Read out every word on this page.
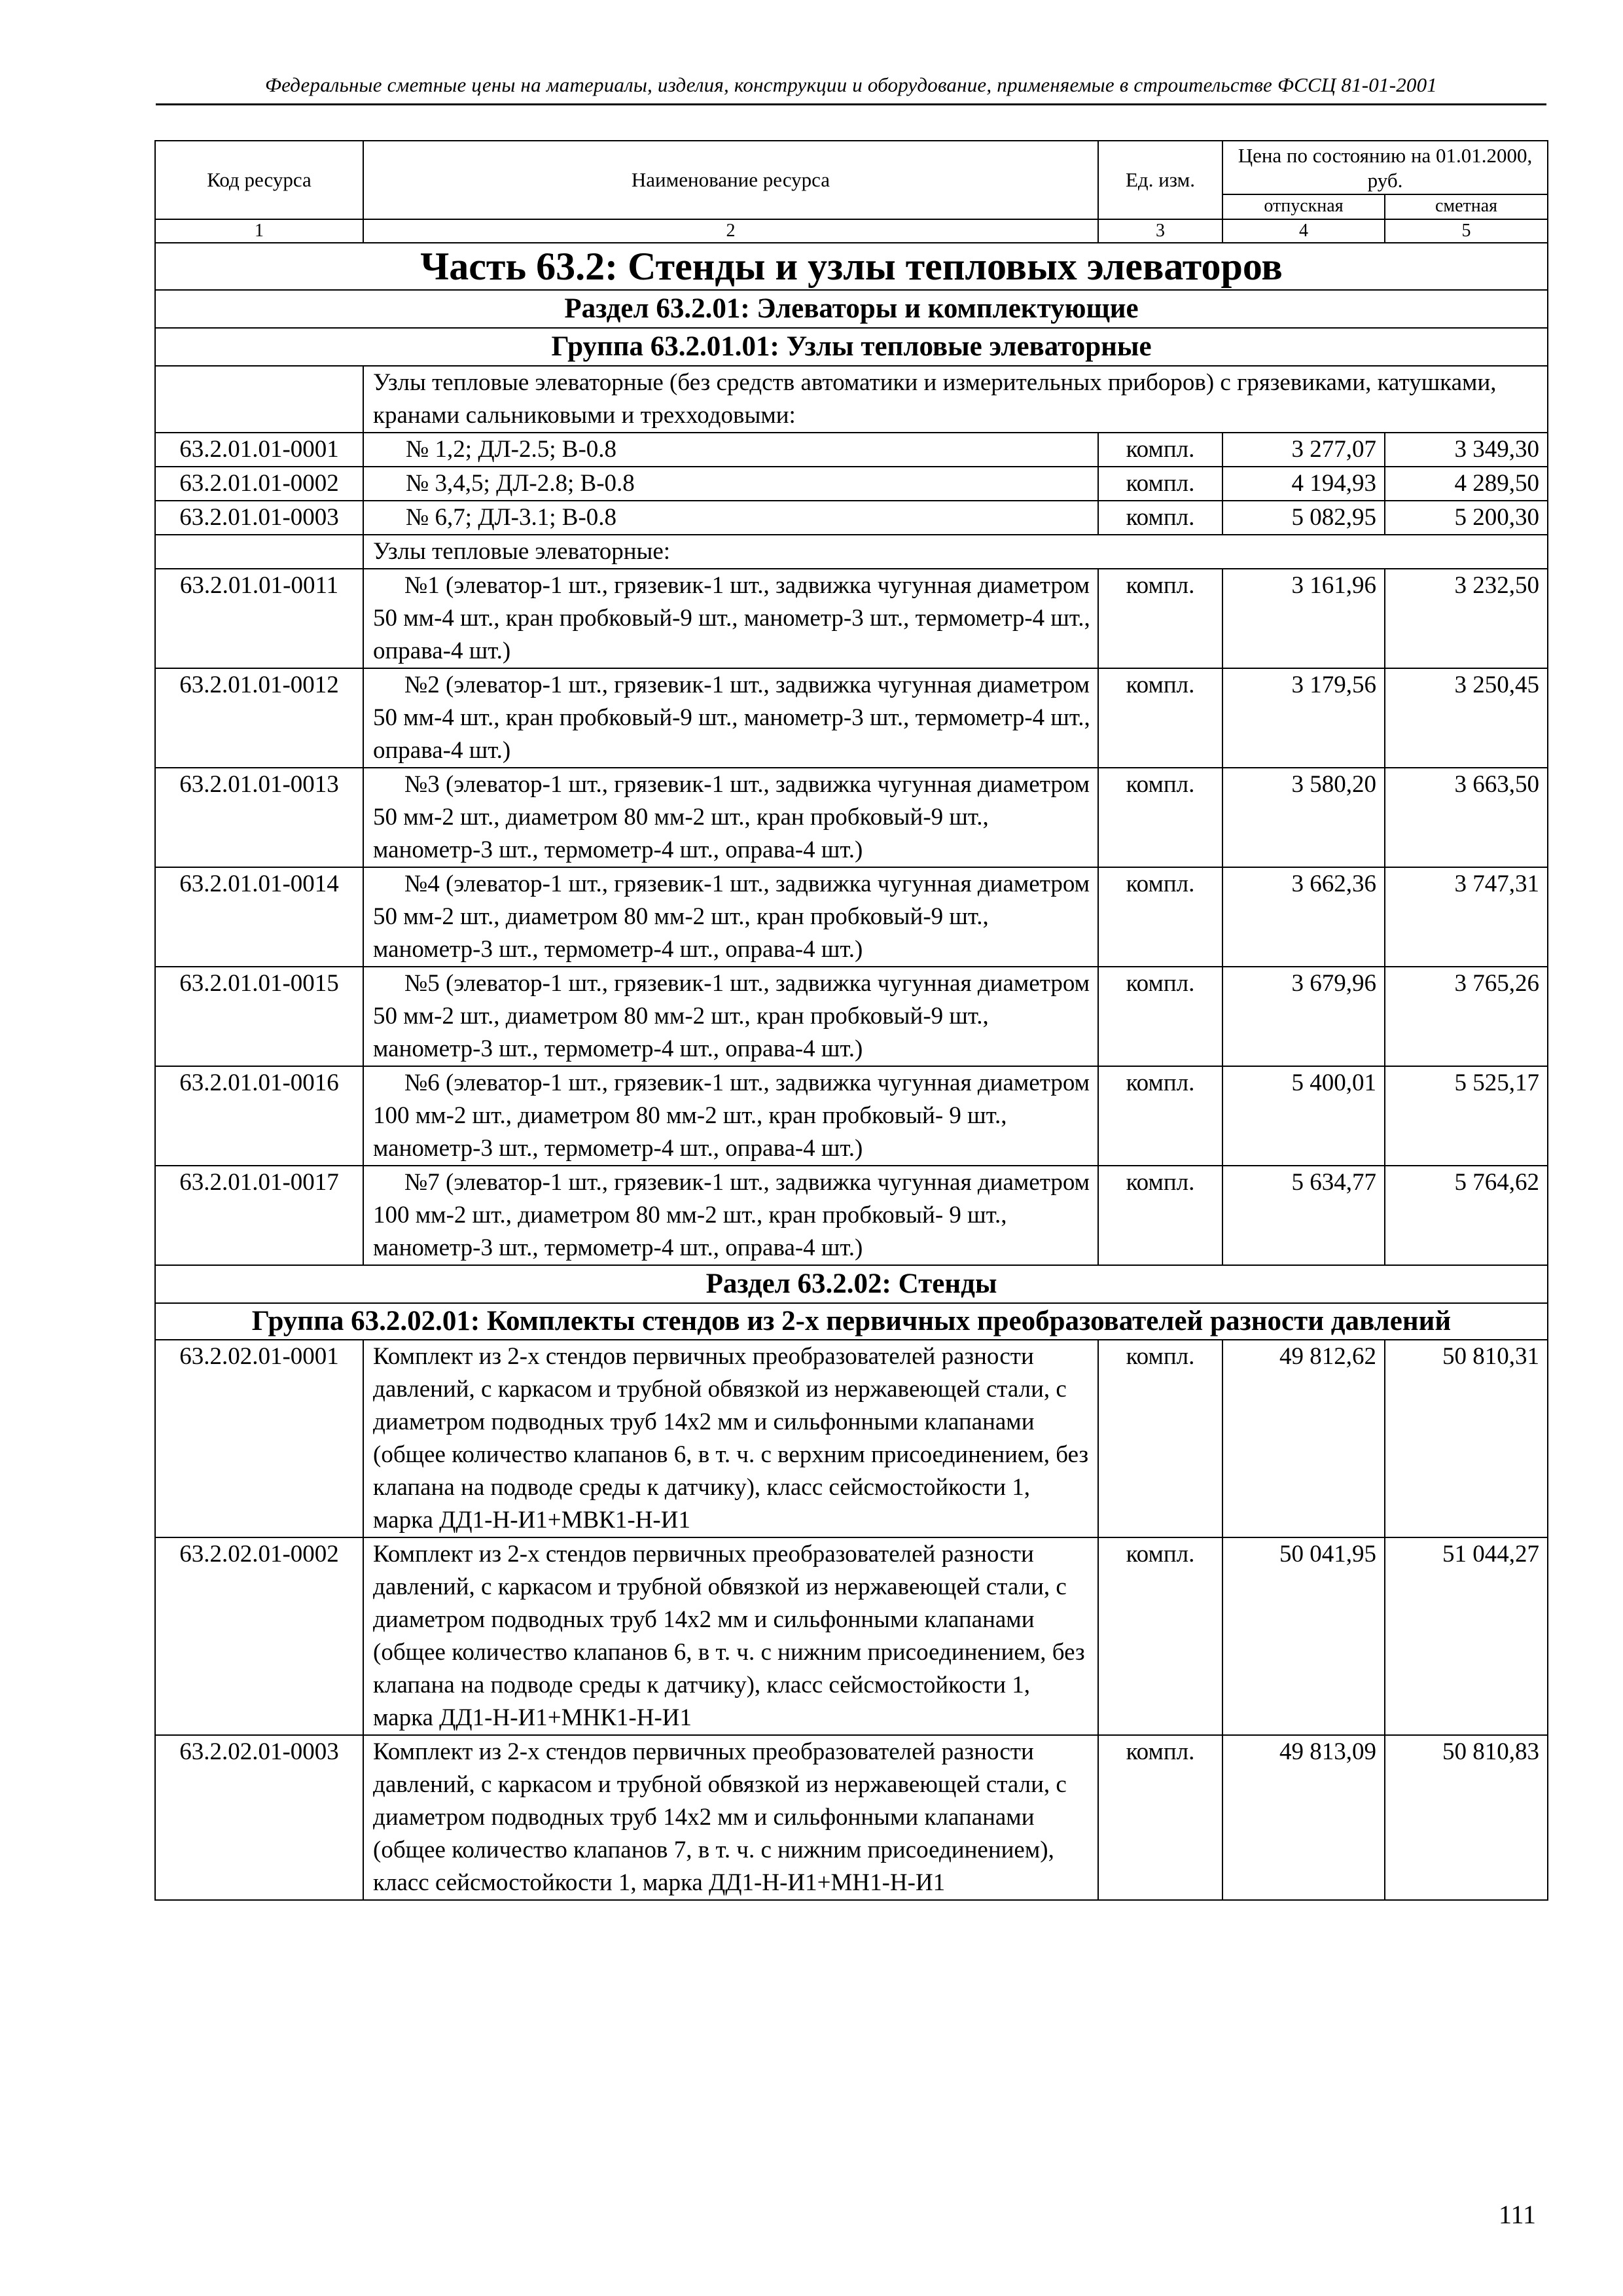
Федеральные сметные цены на материалы, изделия, конструкции и оборудование, применяемые в строительстве ФССЦ 81-01-2001
Код ресурса	Наименование ресурса	Ед. изм.	Цена по состоянию на 01.01.2000, руб.	
			отпускная	сметная
1	2	3	4	5
Часть 63.2: Стенды и узлы тепловых элеваторов				
Раздел 63.2.01: Элеваторы и комплектующие				
Группа 63.2.01.01: Узлы тепловые элеваторные				
	Узлы тепловые элеваторные (без средств автоматики и измерительных приборов) с грязевиками, катушками, кранами сальниковыми и трехходовыми:			
63.2.01.01-0001	№ 1,2; ДЛ-2.5; В-0.8	компл.	3 277,07	3 349,30
63.2.01.01-0002	№ 3,4,5; ДЛ-2.8; В-0.8	компл.	4 194,93	4 289,50
63.2.01.01-0003	№ 6,7; ДЛ-3.1; В-0.8	компл.	5 082,95	5 200,30
	Узлы тепловые элеваторные:			
63.2.01.01-0011	№1 (элеватор-1 шт., грязевик-1 шт., задвижка чугунная диаметром 50 мм-4 шт., кран пробковый-9 шт., манометр-3 шт., термометр-4 шт., оправа-4 шт.)	компл.	3 161,96	3 232,50
63.2.01.01-0012	№2 (элеватор-1 шт., грязевик-1 шт., задвижка чугунная диаметром 50 мм-4 шт., кран пробковый-9 шт., манометр-3 шт., термометр-4 шт., оправа-4 шт.)	компл.	3 179,56	3 250,45
63.2.01.01-0013	№3 (элеватор-1 шт., грязевик-1 шт., задвижка чугунная диаметром 50 мм-2 шт., диаметром 80 мм-2 шт., кран пробковый-9 шт., манометр-3 шт., термометр-4 шт., оправа-4 шт.)	компл.	3 580,20	3 663,50
63.2.01.01-0014	№4 (элеватор-1 шт., грязевик-1 шт., задвижка чугунная диаметром 50 мм-2 шт., диаметром 80 мм-2 шт., кран пробковый-9 шт., манометр-3 шт., термометр-4 шт., оправа-4 шт.)	компл.	3 662,36	3 747,31
63.2.01.01-0015	№5 (элеватор-1 шт., грязевик-1 шт., задвижка чугунная диаметром 50 мм-2 шт., диаметром 80 мм-2 шт., кран пробковый-9 шт., манометр-3 шт., термометр-4 шт., оправа-4 шт.)	компл.	3 679,96	3 765,26
63.2.01.01-0016	№6 (элеватор-1 шт., грязевик-1 шт., задвижка чугунная диаметром 100 мм-2 шт., диаметром 80 мм-2 шт., кран пробковый- 9 шт., манометр-3 шт., термометр-4 шт., оправа-4 шт.)	компл.	5 400,01	5 525,17
63.2.01.01-0017	№7 (элеватор-1 шт., грязевик-1 шт., задвижка чугунная диаметром 100 мм-2 шт., диаметром 80 мм-2 шт., кран пробковый- 9 шт., манометр-3 шт., термометр-4 шт., оправа-4 шт.)	компл.	5 634,77	5 764,62
Раздел 63.2.02: Стенды				
Группа 63.2.02.01: Комплекты стендов из 2-х первичных преобразователей разности давлений				
63.2.02.01-0001	Комплект из 2-х стендов первичных преобразователей разности давлений, с каркасом и трубной обвязкой из нержавеющей стали, с диаметром подводных труб 14х2 мм и сильфонными клапанами (общее количество клапанов 6, в т. ч. с верхним присоединением, без клапана на подводе среды к датчику), класс сейсмостойкости 1, марка ДД1-Н-И1+МВК1-Н-И1	компл.	49 812,62	50 810,31
63.2.02.01-0002	Комплект из 2-х стендов первичных преобразователей разности давлений, с каркасом и трубной обвязкой из нержавеющей стали, с диаметром подводных труб 14х2 мм и сильфонными клапанами (общее количество клапанов 6, в т. ч. с нижним присоединением, без клапана на подводе среды к датчику), класс сейсмостойкости 1, марка ДД1-Н-И1+МНК1-Н-И1	компл.	50 041,95	51 044,27
63.2.02.01-0003	Комплект из 2-х стендов первичных преобразователей разности давлений, с каркасом и трубной обвязкой из нержавеющей стали, с диаметром подводных труб 14х2 мм и сильфонными клапанами (общее количество клапанов 7, в т. ч. с нижним присоединением), класс сейсмостойкости 1, марка ДД1-Н-И1+МН1-Н-И1	компл.	49 813,09	50 810,83
111
